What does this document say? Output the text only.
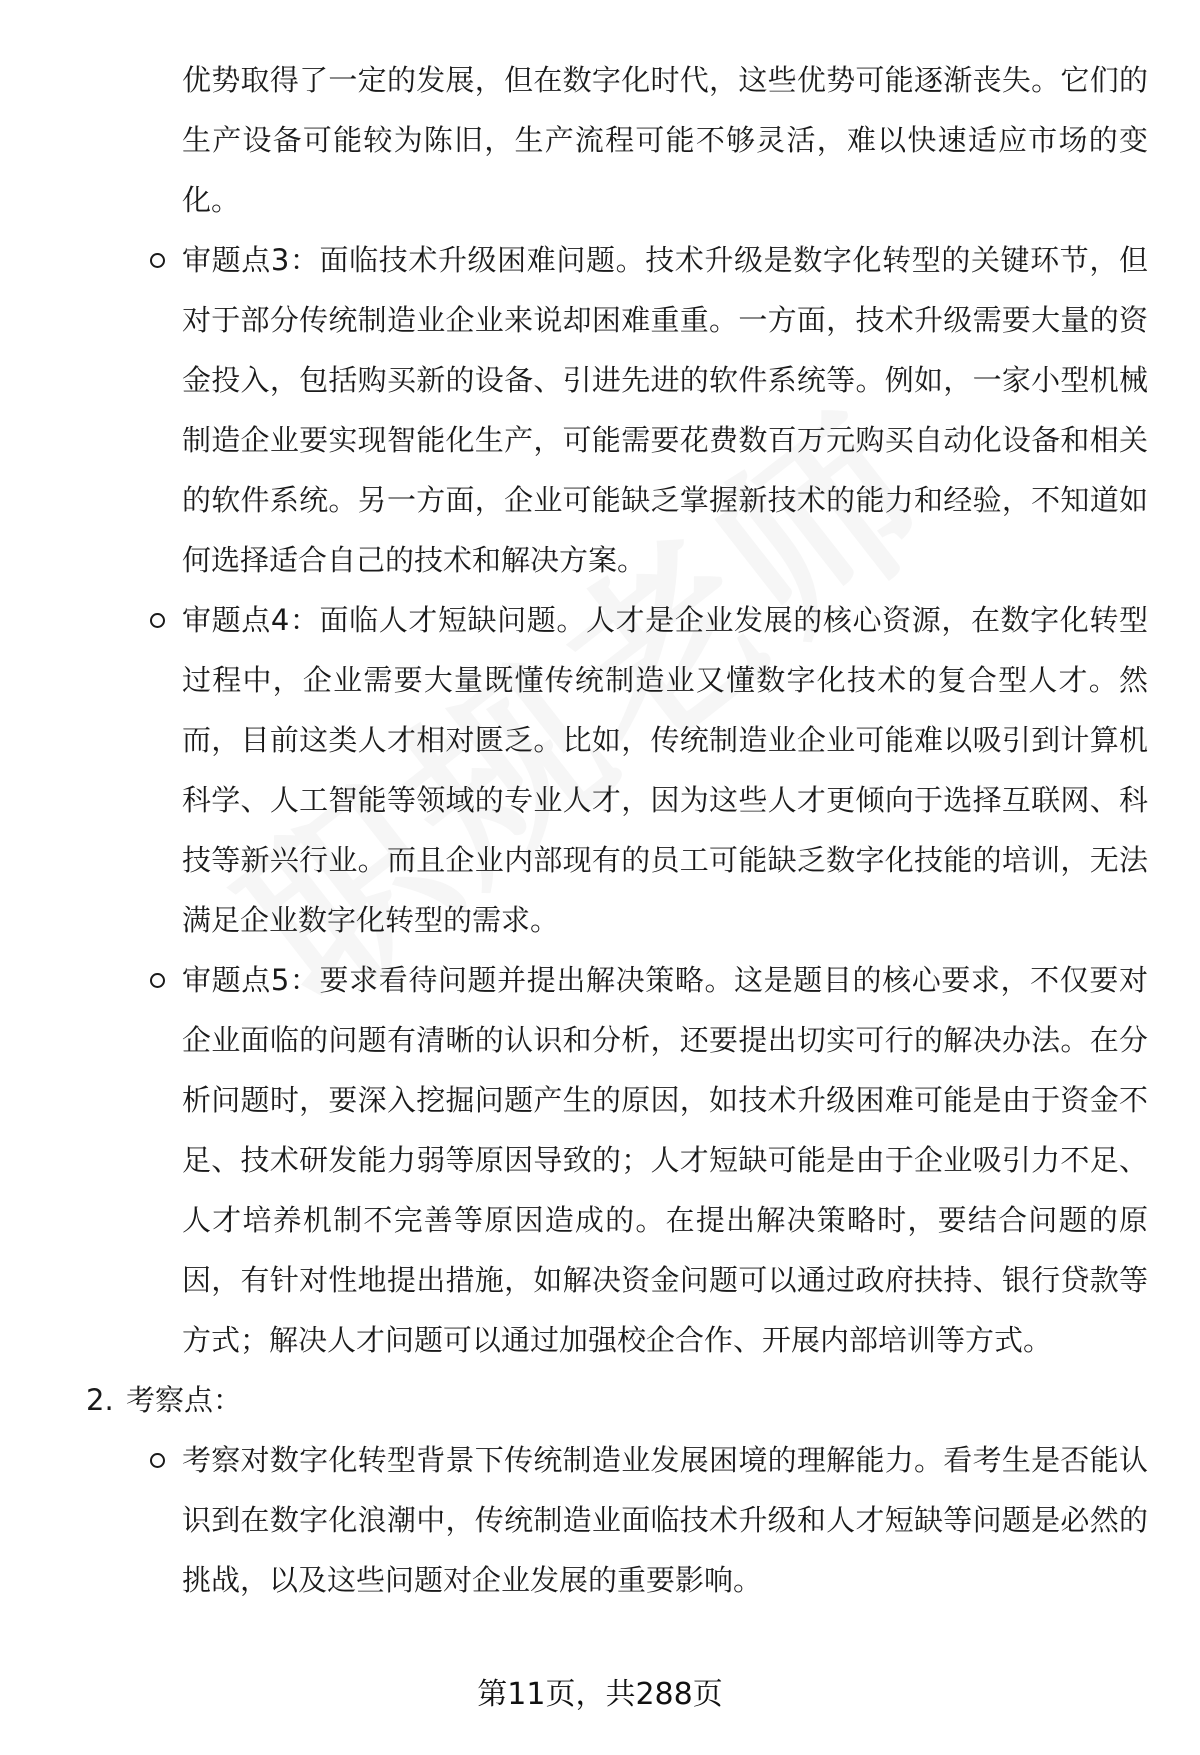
优势取得了一定的发展，但在数字化时代，这些优势可能逐渐丧失。它们的生产设备可能较为陈旧，生产流程可能不够灵活，难以快速适应市场的变化。
审题点3：面临技术升级困难问题。技术升级是数字化转型的关键环节，但对于部分传统制造业企业来说却困难重重。一方面，技术升级需要大量的资金投入，包括购买新的设备、引进先进的软件系统等。例如，一家小型机械制造企业要实现智能化生产，可能需要花费数百万元购买自动化设备和相关的软件系统。另一方面，企业可能缺乏掌握新技术的能力和经验，不知道如何选择适合自己的技术和解决方案。
审题点4：面临人才短缺问题。人才是企业发展的核心资源，在数字化转型过程中，企业需要大量既懂传统制造业又懂数字化技术的复合型人才。然而，目前这类人才相对匮乏。比如，传统制造业企业可能难以吸引到计算机科学、人工智能等领域的专业人才，因为这些人才更倾向于选择互联网、科技等新兴行业。而且企业内部现有的员工可能缺乏数字化技能的培训，无法满足企业数字化转型的需求。
审题点5：要求看待问题并提出解决策略。这是题目的核心要求，不仅要对企业面临的问题有清晰的认识和分析，还要提出切实可行的解决办法。在分析问题时，要深入挖掘问题产生的原因，如技术升级困难可能是由于资金不足、技术研发能力弱等原因导致的；人才短缺可能是由于企业吸引力不足、人才培养机制不完善等原因造成的。在提出解决策略时，要结合问题的原因，有针对性地提出措施，如解决资金问题可以通过政府扶持、银行贷款等方式；解决人才问题可以通过加强校企合作、开展内部培训等方式。
2. 考察点：
考察对数字化转型背景下传统制造业发展困境的理解能力。看考生是否能认识到在数字化浪潮中，传统制造业面临技术升级和人才短缺等问题是必然的挑战，以及这些问题对企业发展的重要影响。
第11页，共288页
